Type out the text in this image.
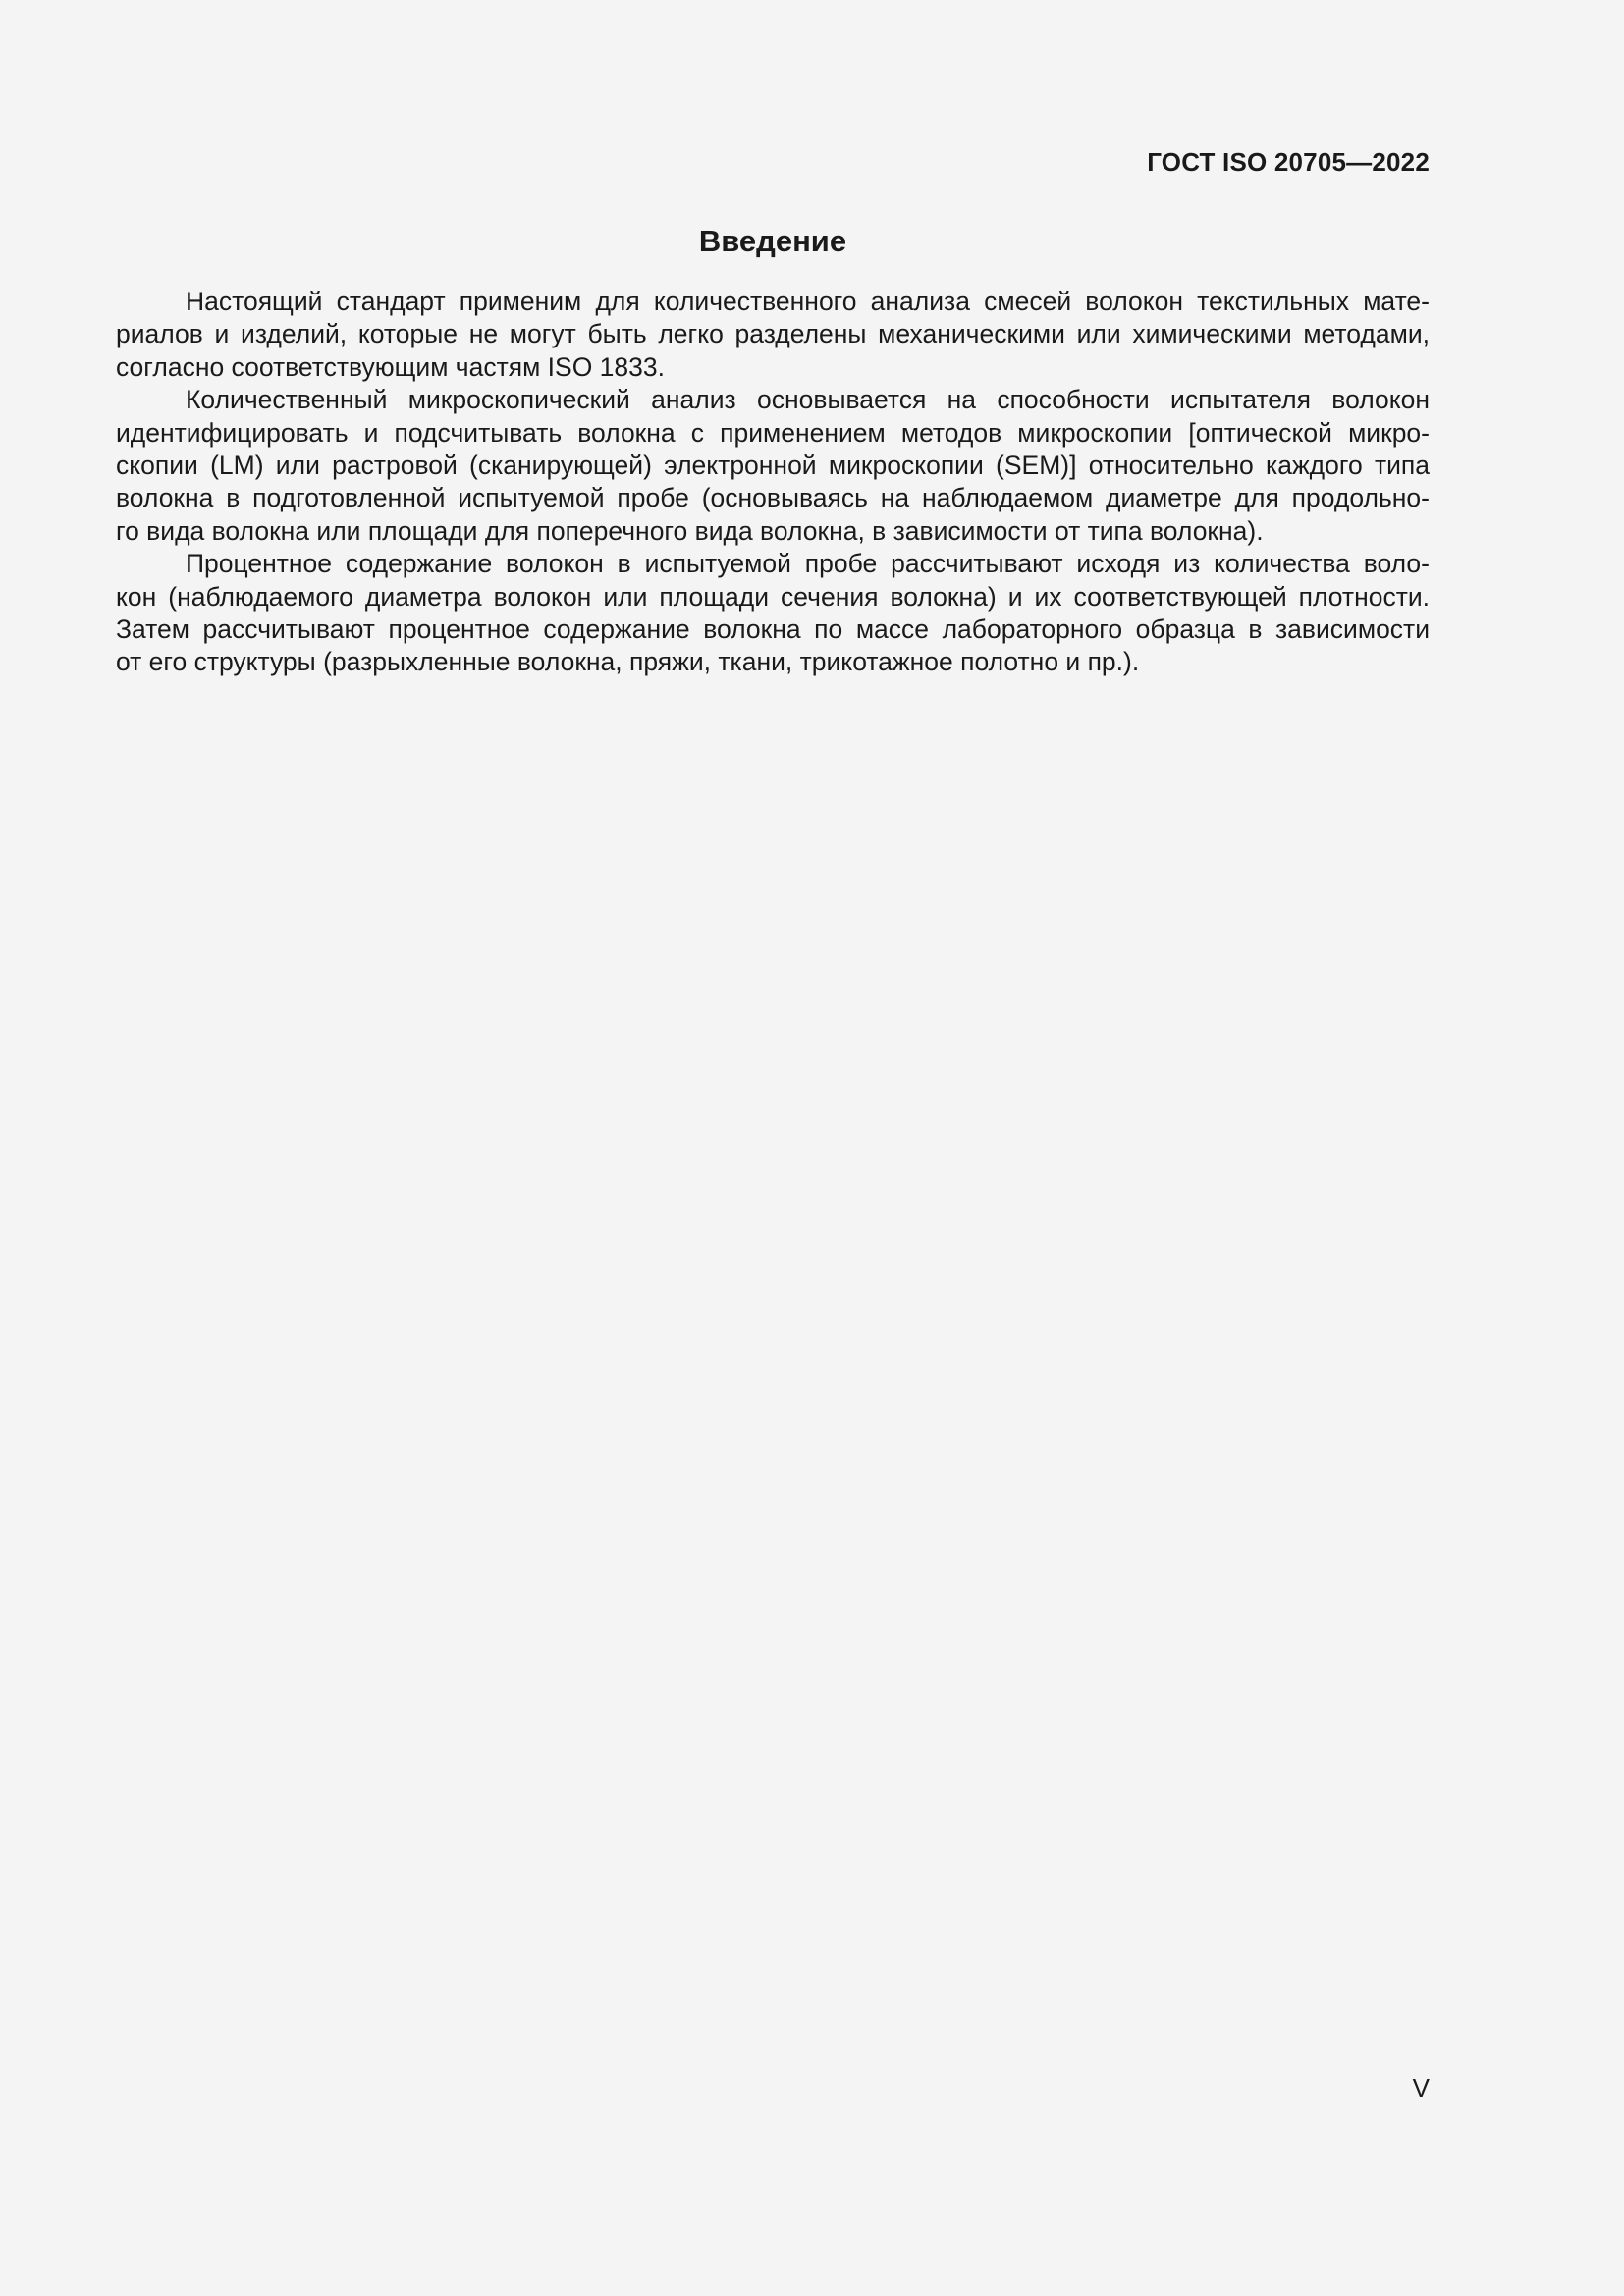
ГОСТ ISO 20705—2022
Введение

Настоящий стандарт применим для количественного анализа смесей волокон текстильных мате-
риалов и изделий, которые не могут быть легко разделены механическими или химическими методами,
согласно соответствующим частям ISO 1833.

Количественный микроскопический анализ основывается на способности испытателя волокон
идентифицировать и подсчитывать волокна с применением методов микроскопии [оптической микро-
скопии (LM) или растровой (сканирующей) электронной микроскопии (SEM)] относительно каждого типа
волокна в подготовленной испытуемой пробе (основываясь на наблюдаемом диаметре для продольно-
го вида волокна или площади для поперечного вида волокна, в зависимости от типа волокна).

Процентное содержание волокон в испытуемой пробе рассчитывают исходя из количества воло-
кон (наблюдаемого диаметра волокон или площади сечения волокна) и их соответствующей плотности.
Затем рассчитывают процентное содержание волокна по массе лабораторного образца в зависимости
от его структуры (разрыхленные волокна, пряжи, ткани, трикотажное полотно и пр.).

V
